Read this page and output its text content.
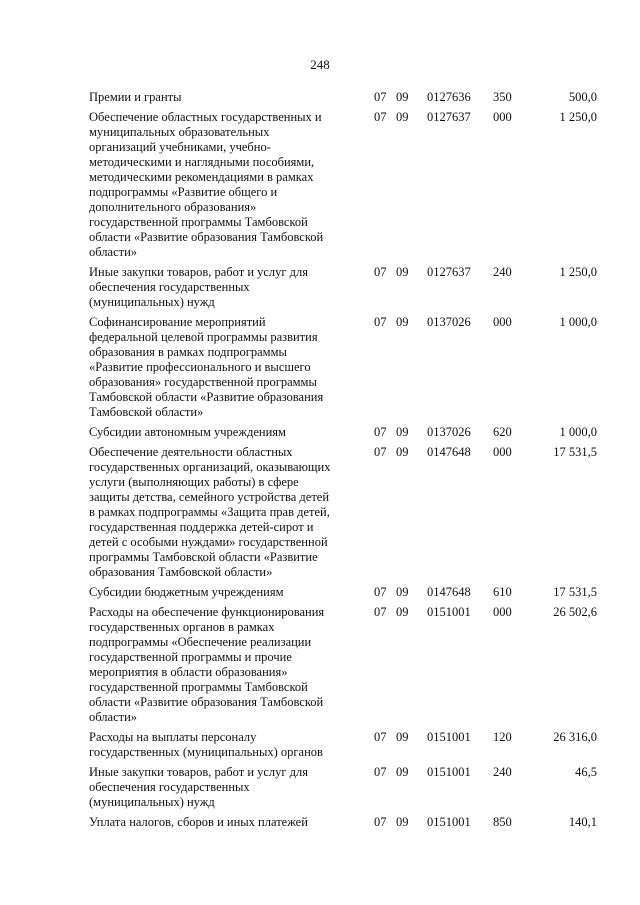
248
Премии и гранты	07 09 0127636 350	500,0
Обеспечение областных государственных и
муниципальных образовательных
организаций учебниками, учебно-
методическими и наглядными пособиями,
методическими рекомендациями в рамках
подпрограммы «Развитие общего и
дополнительного образования»
государственной программы Тамбовской
области «Развитие образования Тамбовской
области»
07 09 0127637 000	1 250,0
Иные закупки товаров, работ и услуг для
обеспечения государственных
(муниципальных) нужд
07 09 0127637 240	1 250,0
Софинансирование мероприятий
федеральной целевой программы развития
образования в рамках подпрограммы
«Развитие профессионального и высшего
образования» государственной программы
Тамбовской области «Развитие образования
Тамбовской области»
07 09 0137026 000	1 000,0
Субсидии автономным учреждениям	07 09 0137026 620	1 000,0
Обеспечение деятельности областных
государственных организаций, оказывающих
услуги (выполняющих работы) в сфере
защиты детства, семейного устройства детей
в рамках подпрограммы «Защита прав детей,
государственная поддержка детей-сирот и
детей с особыми нуждами» государственной
программы Тамбовской области «Развитие
образования Тамбовской области»
07 09 0147648 000	17 531,5
Субсидии бюджетным учреждениям	07 09 0147648 610	17 531,5
Расходы на обеспечение функционирования
государственных органов в рамках
подпрограммы «Обеспечение реализации
государственной программы и прочие
мероприятия в области образования»
государственной программы Тамбовской
области «Развитие образования Тамбовской
области»
07 09 0151001 000	26 502,6
Расходы на выплаты персоналу
государственных (муниципальных) органов
07 09 0151001 120	26 316,0
Иные закупки товаров, работ и услуг для
обеспечения государственных
(муниципальных) нужд
07 09 0151001 240	46,5
Уплата налогов, сборов и иных платежей	07 09 0151001 850	140,1
